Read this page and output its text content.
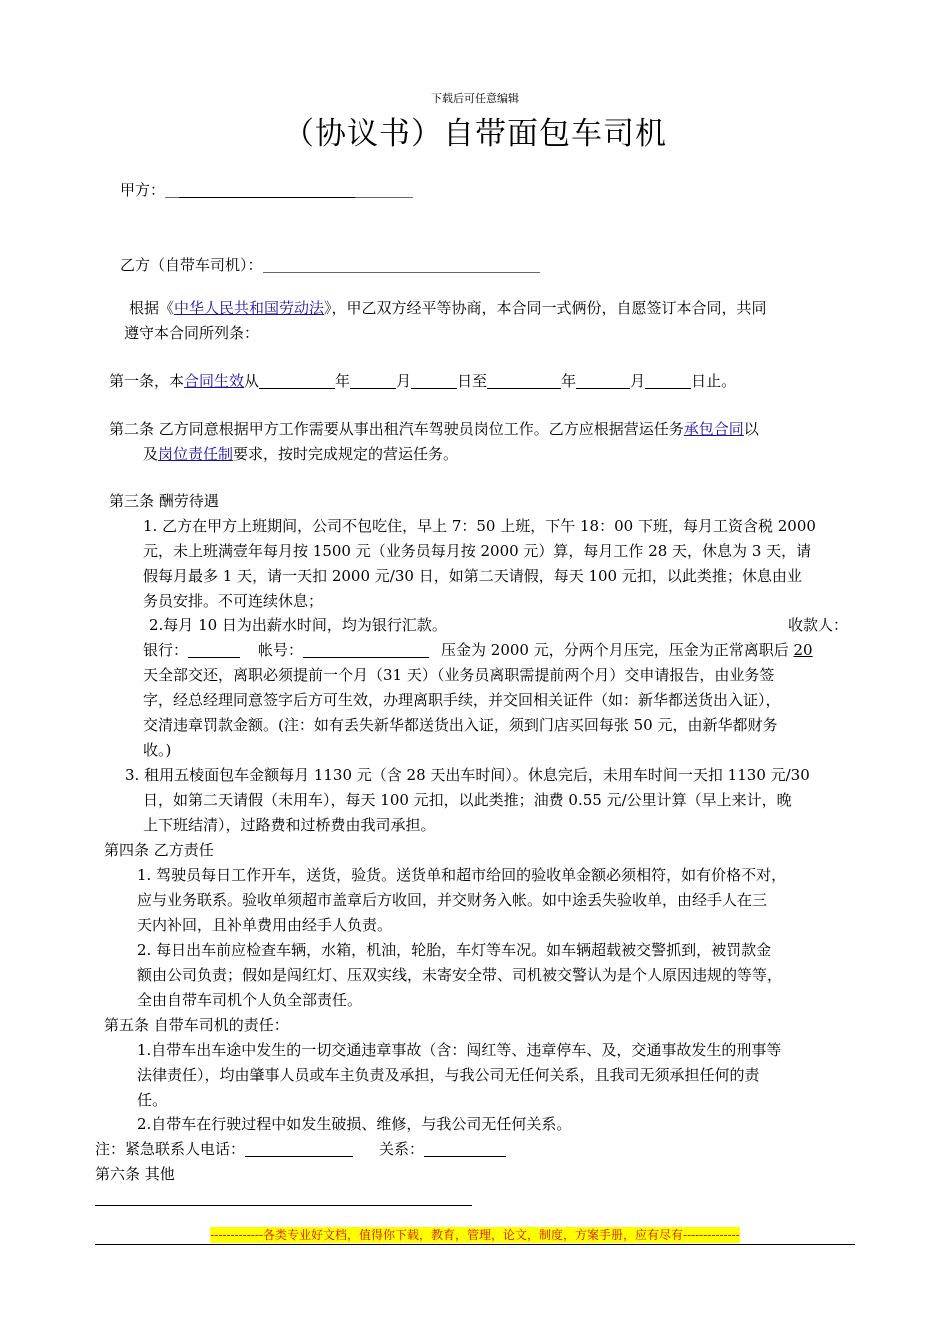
下载后可任意编辑
（协议书）自带面包车司机
甲方：
乙方（自带车司机）：
根据《中华人民共和国劳动法》，甲乙双方经平等协商，本合同一式俩份，自愿签订本合同，共同
遵守本合同所列条：
第一条，本合同生效从	年	月	日至	年	月	日止。
第二条 乙方同意根据甲方工作需要从事出租汽车驾驶员岗位工作。乙方应根据营运任务承包合同以
及岗位责任制要求，按时完成规定的营运任务。
第三条 酬劳待遇
1. 乙方在甲方上班期间，公司不包吃住，早上 7：50 上班，下午 18：00 下班，每月工资含税 2000
元，未上班满壹年每月按 1500 元（业务员每月按 2000 元）算，每月工作 28 天，休息为 3 天，请
假每月最多 1 天，请一天扣 2000 元/30 日，如第二天请假，每天 100 元扣，以此类推；休息由业
务员安排。不可连续休息；
2.每月 10 日为出薪水时间，均为银行汇款。	收款人：
银行：	帐号：	压金为 2000 元，分两个月压完，压金为正常离职后 20
天全部交还，离职必须提前一个月（31 天）（业务员离职需提前两个月）交申请报告，由业务签
字，经总经理同意签字后方可生效，办理离职手续，并交回相关证件（如：新华都送货出入证），
交清违章罚款金额。(注：如有丢失新华都送货出入证，须到门店买回每张 50 元，由新华都财务
收。)
3. 租用五棱面包车金额每月 1130 元（含 28 天出车时间）。休息完后，未用车时间一天扣 1130 元/30
日，如第二天请假（未用车），每天 100 元扣，以此类推；油费 0.55 元/公里计算（早上来计，晚
上下班结清），过路费和过桥费由我司承担。
第四条 乙方责任
1. 驾驶员每日工作开车，送货，验货。送货单和超市给回的验收单金额必须相符，如有价格不对，
应与业务联系。验收单须超市盖章后方收回，并交财务入帐。如中途丢失验收单，由经手人在三
天内补回，且补单费用由经手人负责。
2. 每日出车前应检查车辆，水箱，机油，轮胎，车灯等车况。如车辆超载被交警抓到，被罚款金
额由公司负责；假如是闯红灯、压双实线，未寄安全带、司机被交警认为是个人原因违规的等等，
全由自带车司机个人负全部责任。
第五条 自带车司机的责任：
1.自带车出车途中发生的一切交通违章事故（含：闯红等、违章停车、及，交通事故发生的刑事等
法律责任），均由肇事人员或车主负责及承担，与我公司无任何关系，且我司无须承担任何的责
任。
2.自带车在行驶过程中如发生破损、维修，与我公司无任何关系。
注：紧急联系人电话：	关系：
第六条 其他
-------------各类专业好文档，值得你下载，教育，管理，论文，制度，方案手册，应有尽有--------------
